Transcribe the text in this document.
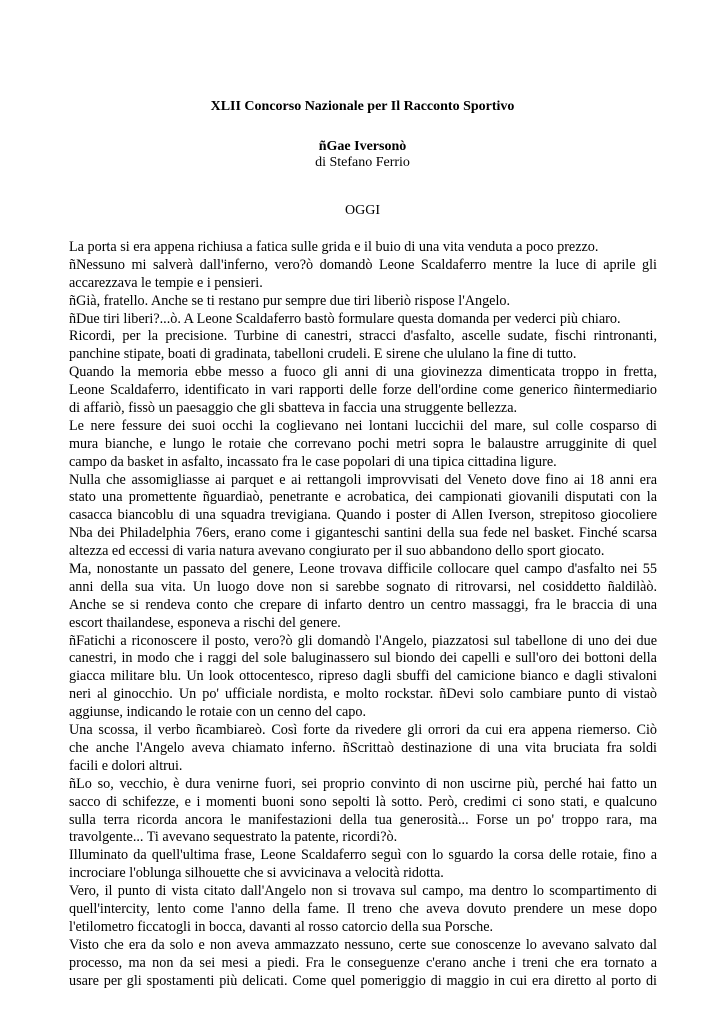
XLII Concorso Nazionale per Il Racconto Sportivo
ñGae Iversonò
di Stefano Ferrio
OGGI
La porta si era appena richiusa a fatica sulle grida e il buio di una vita venduta a poco prezzo.
ñNessuno mi salverà dall'inferno, vero?ò domandò Leone Scaldaferro mentre la luce di aprile gli
accarezzava le tempie e i pensieri.
ñGià, fratello. Anche se ti restano pur sempre due tiri liberiò rispose l'Angelo.
ñDue tiri liberi?...ò. A Leone Scaldaferro bastò formulare questa domanda per vederci più chiaro.
Ricordi, per la precisione. Turbine di canestri, stracci d'asfalto, ascelle sudate, fischi rintronanti,
panchine stipate, boati di gradinata, tabelloni crudeli. E sirene che ululano la fine di tutto.
Quando la memoria ebbe messo a fuoco gli anni di una giovinezza dimenticata troppo in fretta,
Leone Scaldaferro, identificato in vari rapporti delle forze dell'ordine come generico ñintermediario
di affariò, fissò un paesaggio che gli sbatteva in faccia una struggente bellezza.
Le nere fessure dei suoi occhi la coglievano nei lontani luccichii del mare, sul colle cosparso di
mura bianche, e lungo le rotaie che correvano pochi metri sopra le balaustre arrugginite di quel
campo da basket in asfalto, incassato fra le case popolari di una tipica cittadina ligure.
Nulla che assomigliasse ai parquet e ai rettangoli improvvisati del Veneto dove fino ai 18 anni era
stato una promettente ñguardiaò, penetrante e acrobatica, dei campionati giovanili disputati con la
casacca biancoblu di una squadra trevigiana. Quando i poster di Allen Iverson, strepitoso giocoliere
Nba dei Philadelphia 76ers, erano come i giganteschi santini della sua fede nel basket. Finché scarsa
altezza ed eccessi di varia natura avevano congiurato per il suo abbandono dello sport giocato.
Ma, nonostante un passato del genere, Leone trovava difficile collocare quel campo d'asfalto nei 55
anni della sua vita. Un luogo dove non si sarebbe sognato di ritrovarsi, nel cosiddetto ñaldilàò.
Anche se si rendeva conto che crepare di infarto dentro un centro massaggi, fra le braccia di una
escort thailandese, esponeva a rischi del genere.
ñFatichi a riconoscere il posto, vero?ò gli domandò l'Angelo, piazzatosi sul tabellone di uno dei due
canestri, in modo che i raggi del sole baluginassero sul biondo dei capelli e sull'oro dei bottoni della
giacca militare blu. Un look ottocentesco, ripreso dagli sbuffi del camicione bianco e dagli stivaloni
neri al ginocchio. Un po' ufficiale nordista, e molto rockstar. ñDevi solo cambiare punto di vistaò
aggiunse, indicando le rotaie con un cenno del capo.
Una scossa, il verbo ñcambiareò. Così forte da rivedere gli orrori da cui era appena riemerso. Ciò
che anche l'Angelo aveva chiamato inferno. ñScrittaò destinazione di una vita bruciata fra soldi
facili e dolori altrui.
ñLo so, vecchio, è dura venirne fuori, sei proprio convinto di non uscirne più, perché hai fatto un
sacco di schifezze, e i momenti buoni sono sepolti là sotto. Però, credimi ci sono stati, e qualcuno
sulla terra ricorda ancora le manifestazioni della tua generosità... Forse un po' troppo rara, ma
travolgente... Ti avevano sequestrato la patente, ricordi?ò.
Illuminato da quell'ultima frase, Leone Scaldaferro seguì con lo sguardo la corsa delle rotaie, fino a
incrociare l'oblunga silhouette che si avvicinava a velocità ridotta.
Vero, il punto di vista citato dall'Angelo non si trovava sul campo, ma dentro lo scompartimento di
quell'intercity, lento come l'anno della fame. Il treno che aveva dovuto prendere un mese dopo
l'etilometro ficcatogli in bocca, davanti al rosso catorcio della sua Porsche.
Visto che era da solo e non aveva ammazzato nessuno, certe sue conoscenze lo avevano salvato dal
processo, ma non da sei mesi a piedi. Fra le conseguenze c'erano anche i treni che era tornato a
usare per gli spostamenti più delicati. Come quel pomeriggio di maggio in cui era diretto al porto di
